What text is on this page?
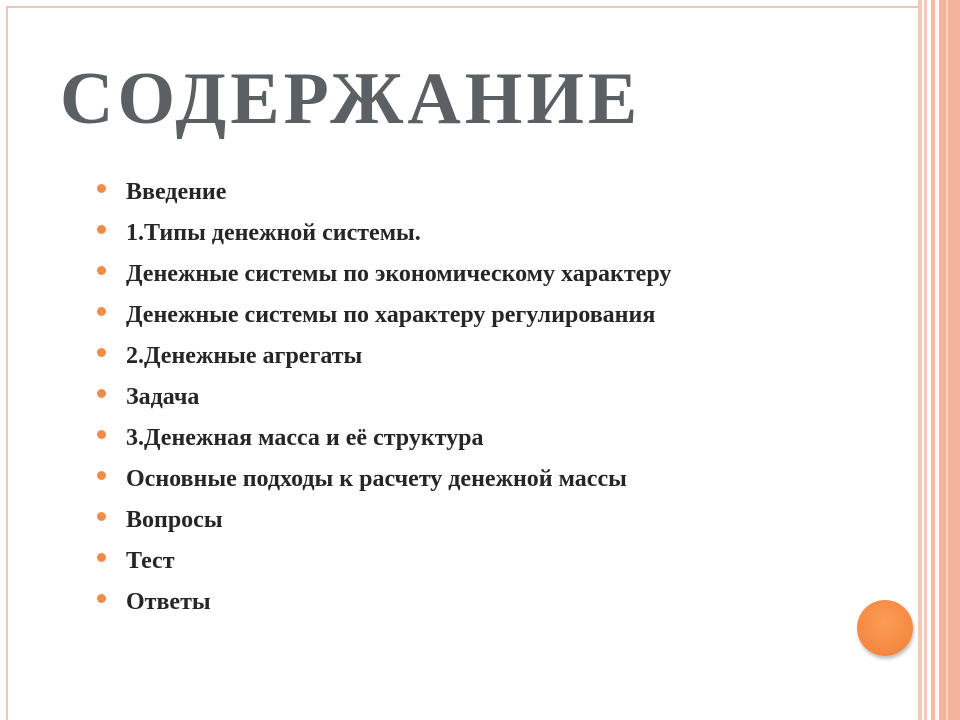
СОДЕРЖАНИЕ
Введение
1.Типы денежной системы.
Денежные системы по экономическому характеру
Денежные системы по характеру регулирования
2.Денежные агрегаты
Задача
3.Денежная масса и её структура
Основные подходы к расчету денежной массы
Вопросы
Тест
Ответы
